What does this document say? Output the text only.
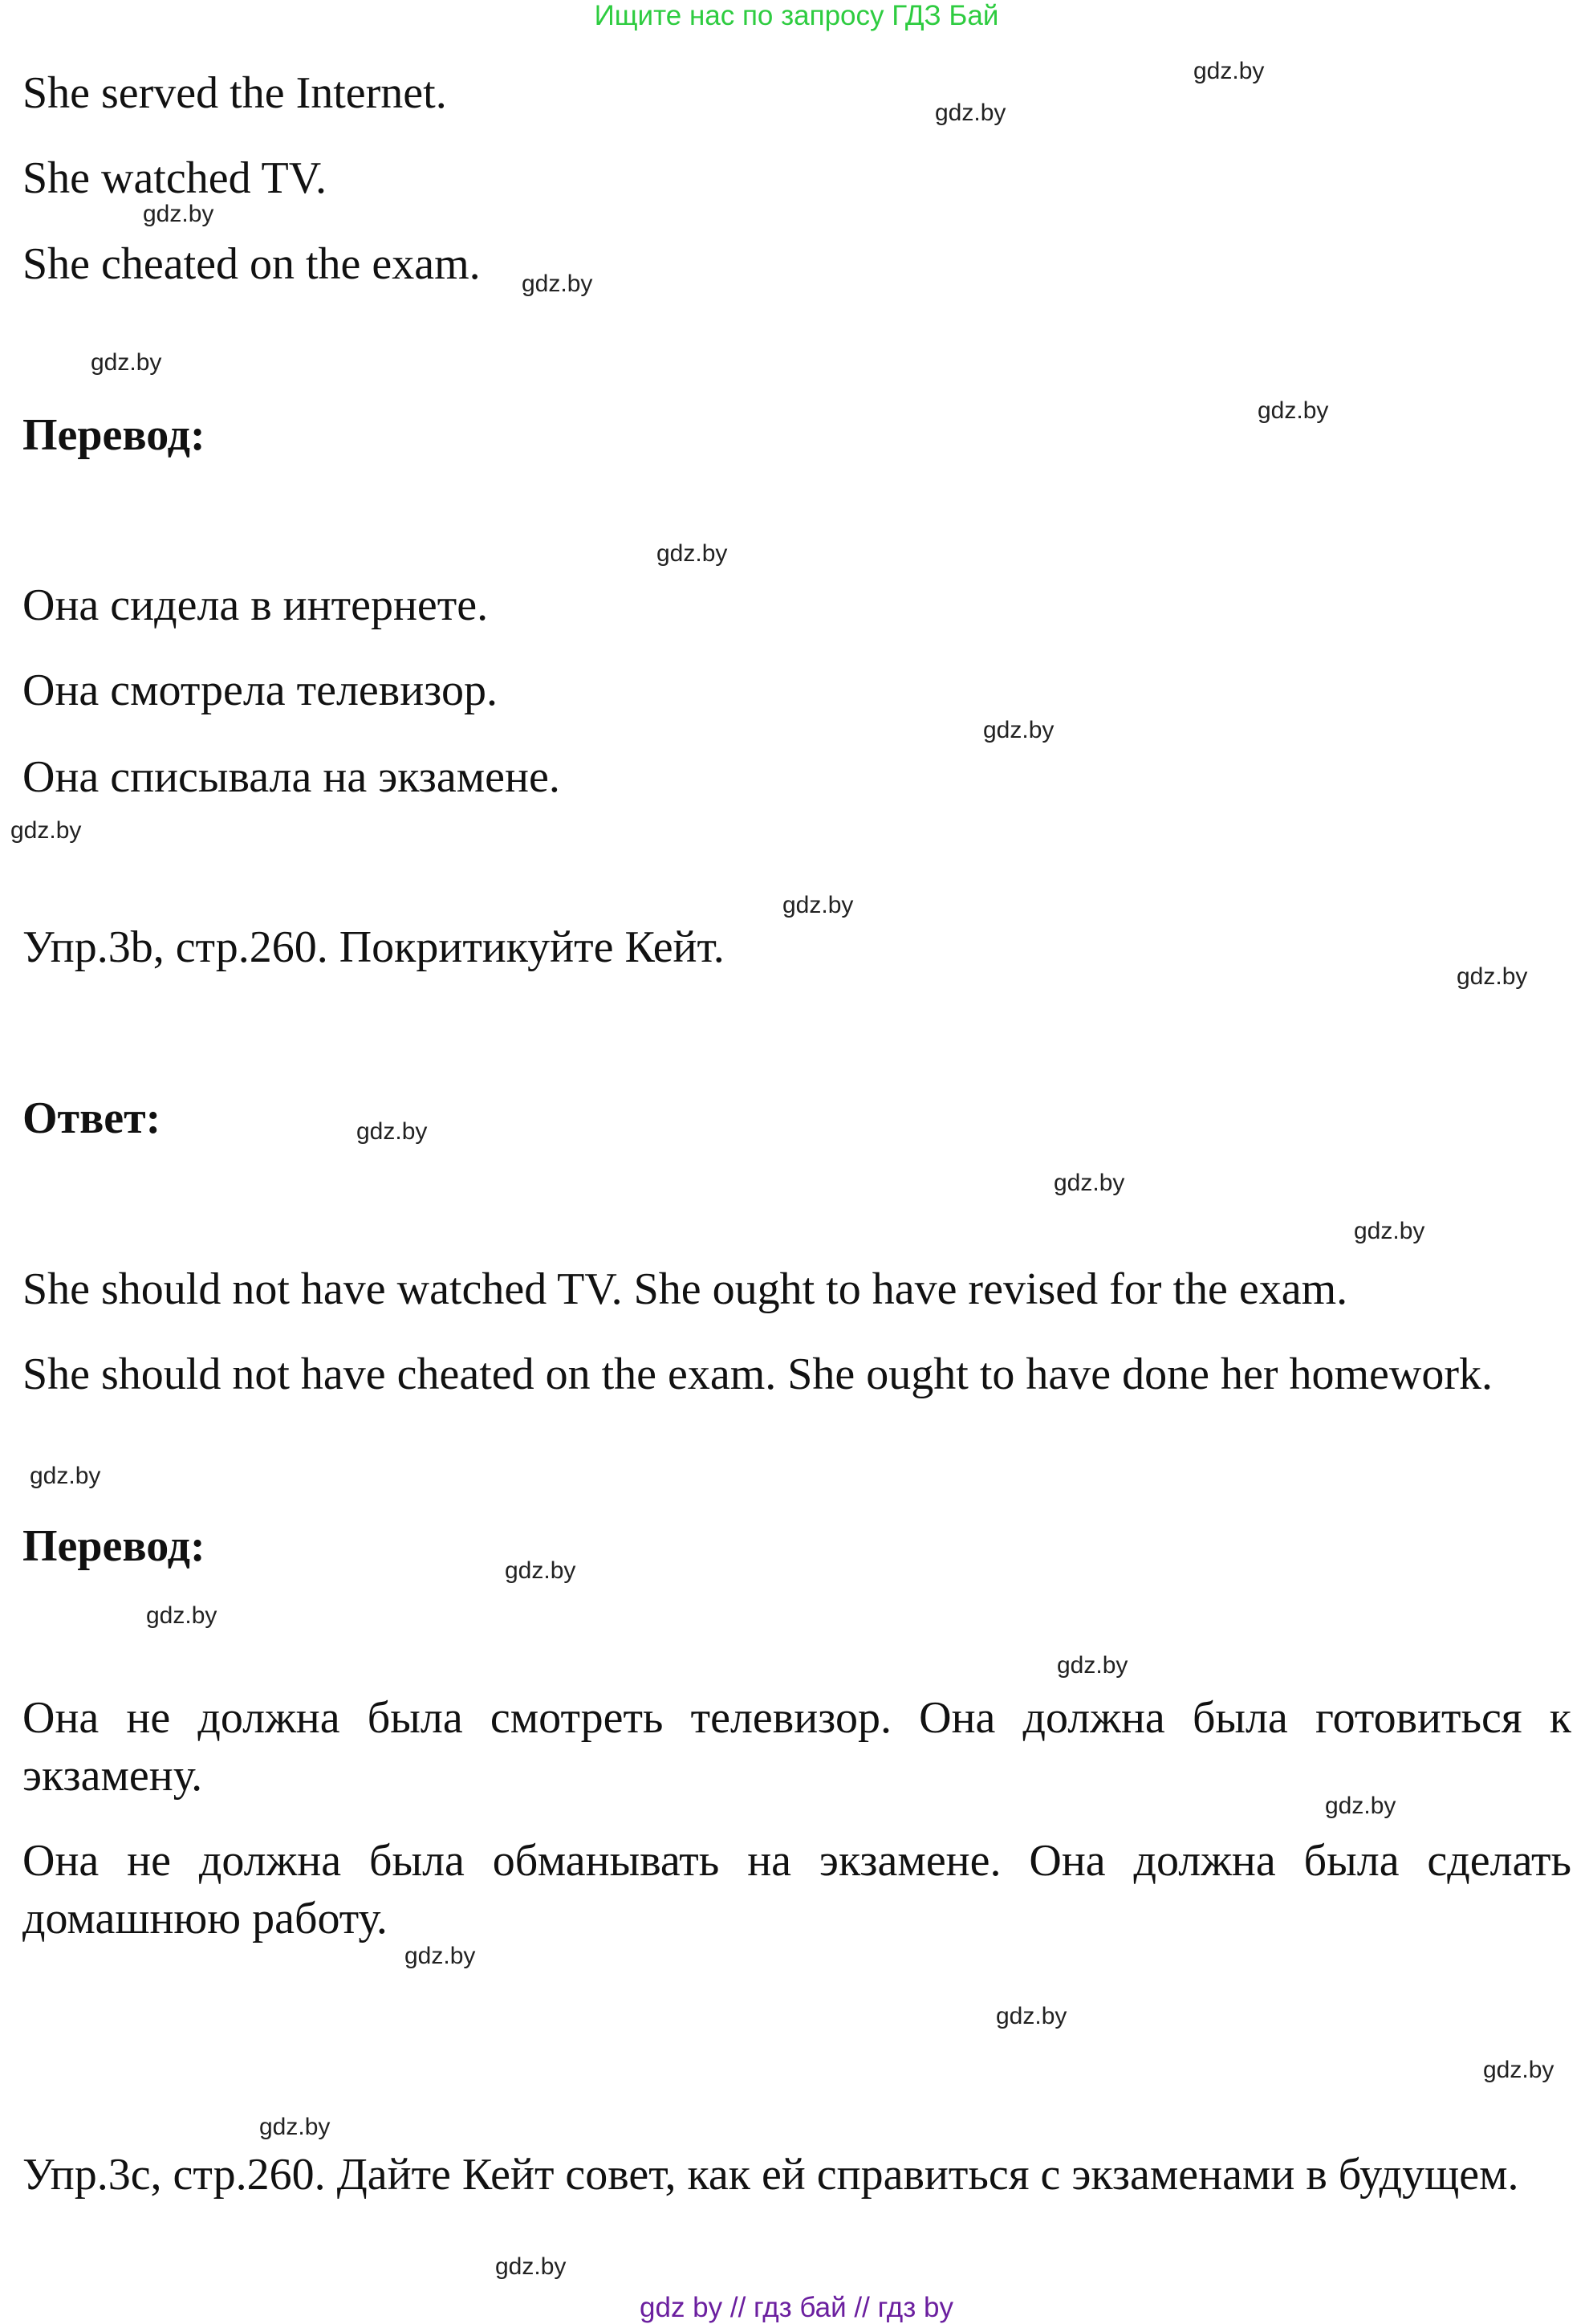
Ищите нас по запросу ГДЗ Бай
She served the Internet.
She watched TV.
She cheated on the exam.
Перевод:
Она сидела в интернете.
Она смотрела телевизор.
Она списывала на экзамене.
Упр.3b, стр.260. Покритикуйте Кейт.
Ответ:
She should not have watched TV. She ought to have revised for the exam.
She should not have cheated on the exam. She ought to have done her homework.
Перевод:
Она не должна была смотреть телевизор. Она должна была готовиться к экзамену.
Она не должна была обманывать на экзамене. Она должна была сделать домашнюю работу.
Упр.3с, стр.260. Дайте Кейт совет, как ей справиться с экзаменами в будущем.
gdz.by
gdz.by
gdz.by
gdz.by
gdz.by
gdz.by
gdz.by
gdz.by
gdz.by
gdz.by
gdz.by
gdz.by
gdz.by
gdz.by
gdz.by
gdz.by
gdz.by
gdz.by
gdz.by
gdz.by
gdz.by
gdz.by
gdz.by
gdz.by
gdz by // гдз бай // гдз by
